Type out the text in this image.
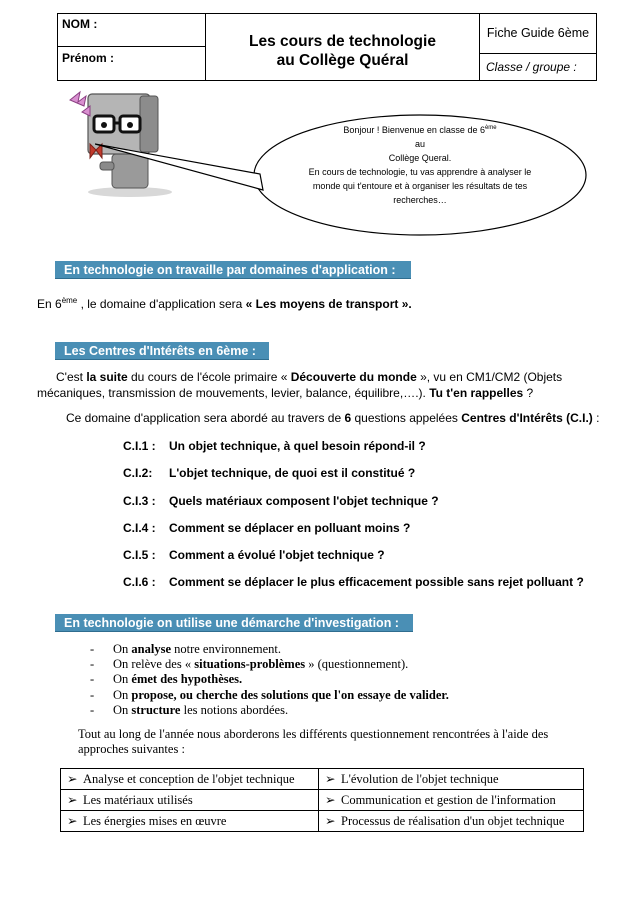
NOM :
Prénom :
Les cours de technologie
au Collège Quéral
Fiche Guide 6ème
Classe / groupe :
Bonjour ! Bienvenue en classe de 6ème
au
Collège Queral.
En cours de technologie, tu vas apprendre à analyser le
monde qui t'entoure et à organiser les résultats de tes
recherches…
En technologie on travaille par domaines d'application :
En 6ème , le domaine d'application sera « Les moyens de transport ».
Les Centres d'Intérêts en 6ème :
C'est la suite du cours de l'école primaire « Découverte du monde », vu en CM1/CM2 (Objets
mécaniques, transmission de mouvements, levier, balance, équilibre,….). Tu t'en rappelles ?
Ce domaine d'application sera abordé au travers de 6 questions appelées Centres d'Intérêts (C.I.) :
C.I.1 : Un objet technique, à quel besoin répond-il ?
C.I.2: L'objet technique, de quoi est il constitué ?
C.I.3 : Quels matériaux composent l'objet technique ?
C.I.4 : Comment se déplacer en polluant moins ?
C.I.5 : Comment a évolué l'objet technique ?
C.I.6 : Comment se déplacer le plus efficacement possible sans rejet polluant ?
En technologie on utilise une démarche d'investigation :
- On analyse notre environnement.
- On relève des « situations-problèmes » (questionnement).
- On émet des hypothèses.
- On propose, ou cherche des solutions que l'on essaye de valider.
- On structure les notions abordées.
Tout au long de l'année nous aborderons les différents questionnement rencontrées à l'aide des
approches suivantes :
➢ Analyse et conception de l'objet technique	➢ L'évolution de l'objet technique
➢ Les matériaux utilisés	➢ Communication et gestion de l'information
➢ Les énergies mises en œuvre	➢ Processus de réalisation d'un objet technique
